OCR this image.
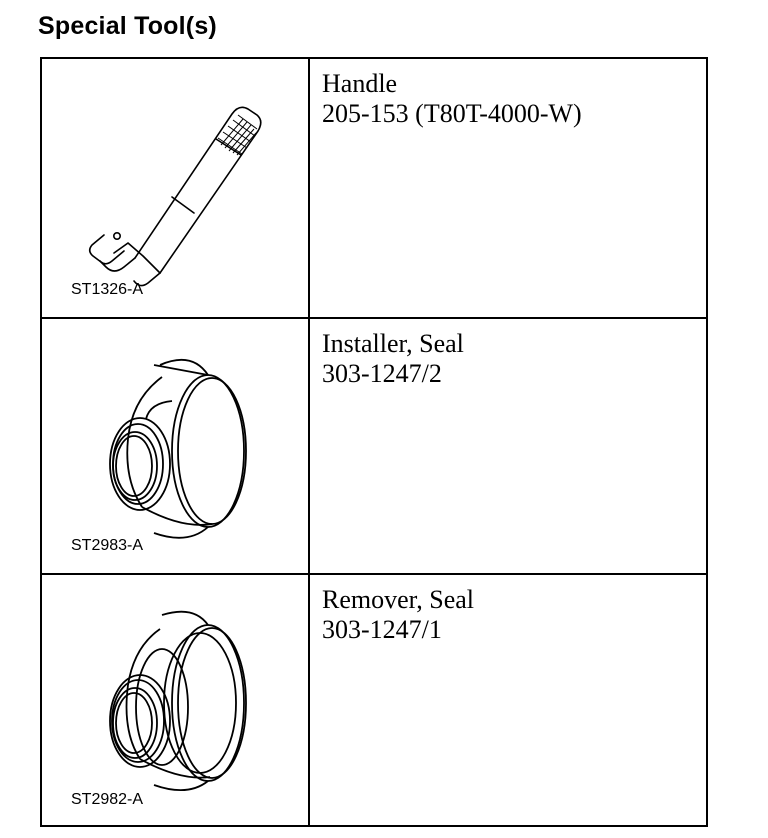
Special Tool(s)
ST1326-A
Handle
205-153 (T80T-4000-W)
ST2983-A
Installer, Seal
303-1247/2
ST2982-A
Remover, Seal
303-1247/1
